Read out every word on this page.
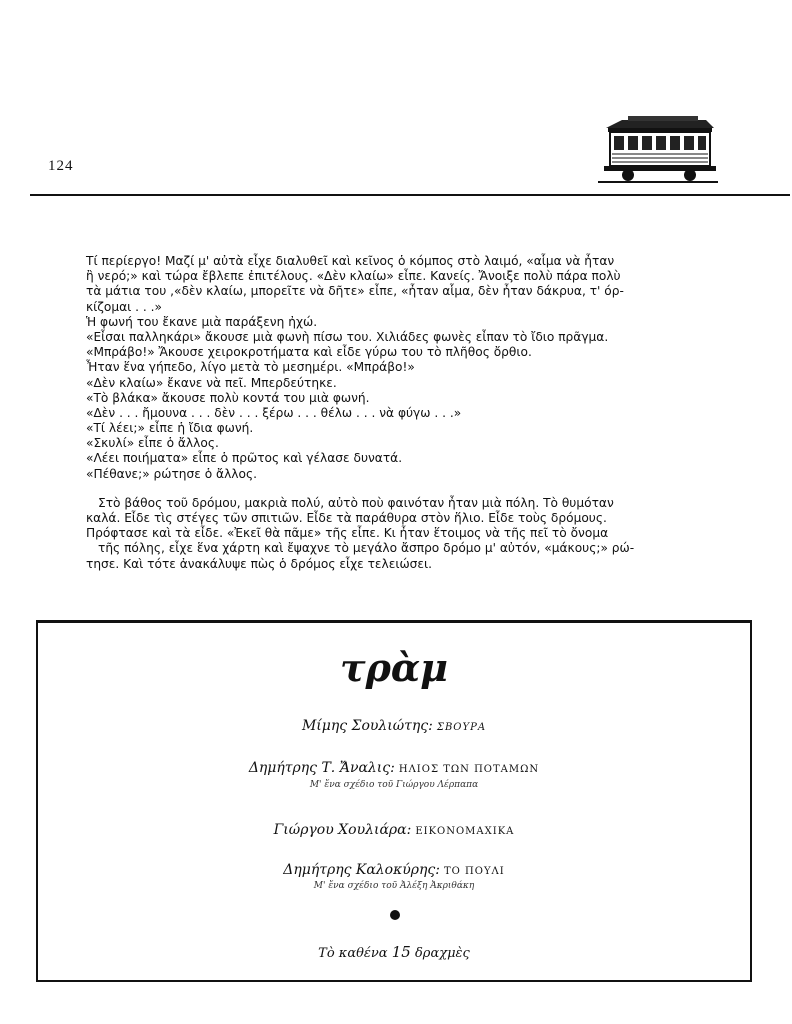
124
Τί περίεργο! Μαζί μ' αὐτὰ εἶχε διαλυθεῖ καὶ κεῖνος ὁ κόμπος στὸ λαιμό, «αἷμα νὰ ἦταν
ἢ νερό;» καὶ τώρα ἔβλεπε ἐπιτέλους. «Δὲν κλαίω» εἶπε. Κανείς. Ἄνοιξε πολὺ πάρα πολὺ
τὰ μάτια του ,«δὲν κλαίω, μπορεῖτε νὰ δῆτε» εἶπε, «ἦταν αἷμα, δὲν ἦταν δάκρυα, τ' όρ-
κίζομαι . . .»
Ἡ φωνή του ἔκανε μιὰ παράξενη ἠχώ.
«Εἶσαι παλληκάρι» ἄκουσε μιὰ φωνὴ πίσω του. Χιλιάδες φωνὲς εἶπαν τὸ ἴδιο πρᾶγμα.
«Μπράβο!» Ἄκουσε χειροκροτήματα καὶ εἶδε γύρω του τὸ πλῆθος ὄρθιο.
Ἦταν ἕνα γήπεδο, λίγο μετὰ τὸ μεσημέρι. «Μπράβο!»
«Δὲν κλαίω» ἔκανε νὰ πεῖ. Μπερδεύτηκε.
«Τὸ βλάκα» ἄκουσε πολὺ κοντά του μιὰ φωνή.
«Δὲν . . . ἤμουνα . . . δὲν . . . ξέρω . . . θέλω . . . νὰ φύγω . . .»
«Τί λέει;» εἶπε ἡ ἴδια φωνή.
«Σκυλί» εἶπε ὁ ἄλλος.
«Λέει ποιήματα» εἶπε ὁ πρῶτος καὶ γέλασε δυνατά.
«Πέθανε;» ρώτησε ὁ ἄλλος.
Στὸ βάθος τοῦ δρόμου, μακριὰ πολύ, αὐτὸ ποὺ φαινόταν ἦταν μιὰ πόλη. Τὸ θυμόταν
καλά. Εἶδε τὶς στέγες τῶν σπιτιῶν. Εἶδε τὰ παράθυρα στὸν ἥλιο. Εἶδε τοὺς δρόμους.
Πρόφτασε καὶ τὰ εἶδε. «Ἐκεῖ θὰ πᾶμε» τῆς εἶπε. Κι ἦταν ἕτοιμος νὰ τῆς πεῖ τὸ ὄνομα
τῆς πόλης, εἶχε ἕνα χάρτη καὶ ἔψαχνε τὸ μεγάλο ἄσπρο δρόμο μ' αὐτόν, «μάκους;» ρώ-
τησε. Καὶ τότε ἀνακάλυψε πὼς ὁ δρόμος εἶχε τελειώσει.
τρὰμ
Μίμης Σουλιώτης: ΣΒΟΥΡΑ
Δημήτρης Τ. Ἄναλις: ΗΛΙΟΣ ΤΩΝ ΠΟΤΑΜΩΝ
Μ' ἕνα σχέδιο τοῦ Γιώργου Λέρπαπα
Γιώργου Χουλιάρα: ΕΙΚΟΝΟΜΑΧΙΚΑ
Δημήτρης Καλοκύρης: ΤΟ ΠΟΥΛΙ
Μ' ἕνα σχέδιο τοῦ Ἀλέξη Ἀκριθάκη
Τὸ καθένα 15 δραχμὲς
